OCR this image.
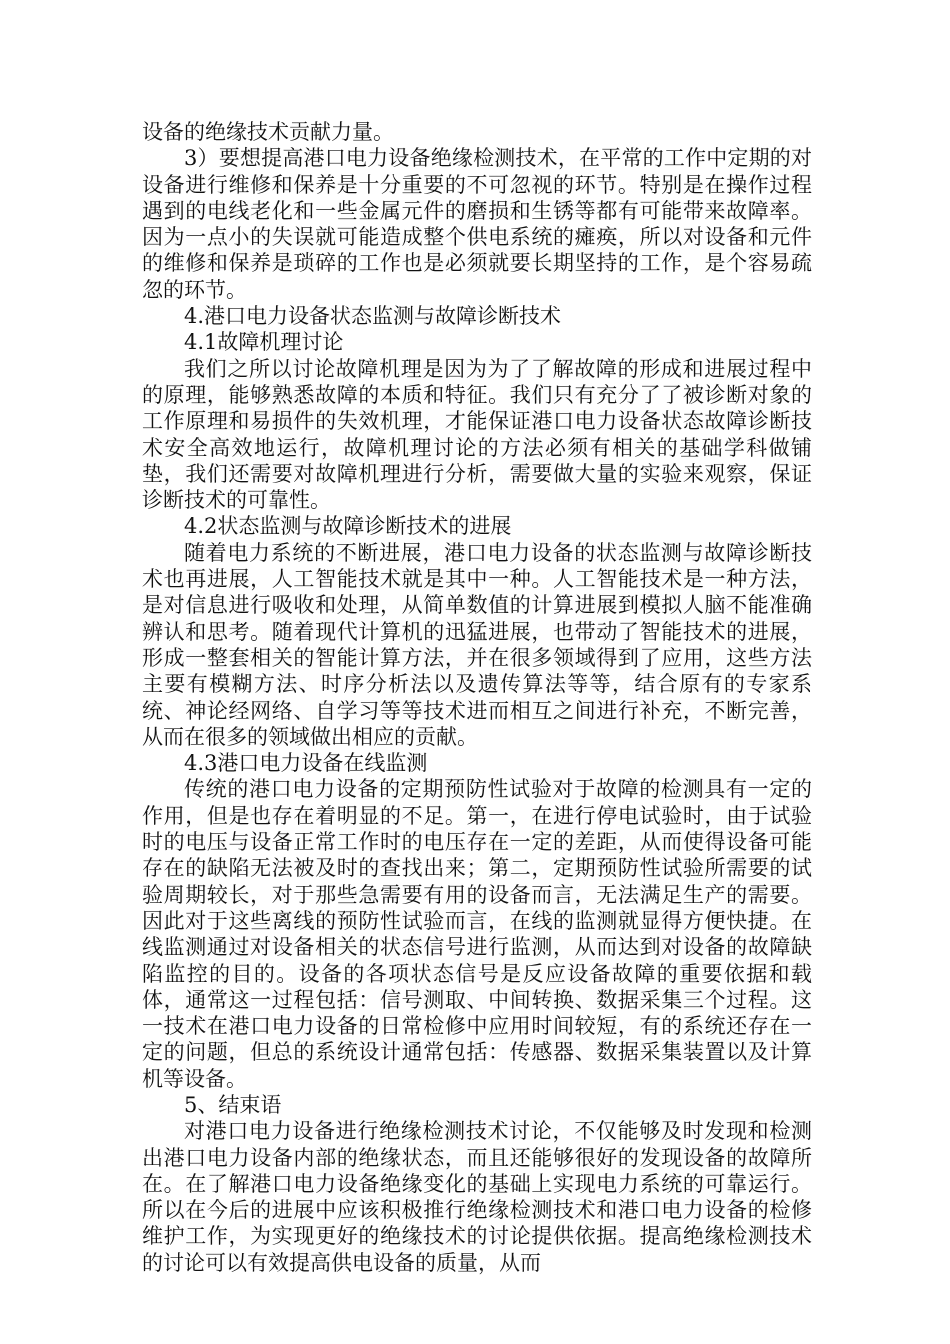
设备的绝缘技术贡献力量。

3）要想提高港口电力设备绝缘检测技术，在平常的工作中定期的对设备进行维修和保养是十分重要的不可忽视的环节。特别是在操作过程遇到的电线老化和一些金属元件的磨损和生锈等都有可能带来故障率。因为一点小的失误就可能造成整个供电系统的瘫痪，所以对设备和元件的维修和保养是琐碎的工作也是必须就要长期坚持的工作，是个容易疏忽的环节。

4.港口电力设备状态监测与故障诊断技术

4.1故障机理讨论

我们之所以讨论故障机理是因为为了了解故障的形成和进展过程中的原理，能够熟悉故障的本质和特征。我们只有充分了了被诊断对象的工作原理和易损件的失效机理，才能保证港口电力设备状态故障诊断技术安全高效地运行，故障机理讨论的方法必须有相关的基础学科做铺垫，我们还需要对故障机理进行分析，需要做大量的实验来观察，保证诊断技术的可靠性。

4.2状态监测与故障诊断技术的进展

随着电力系统的不断进展，港口电力设备的状态监测与故障诊断技术也再进展，人工智能技术就是其中一种。人工智能技术是一种方法，是对信息进行吸收和处理，从简单数值的计算进展到模拟人脑不能准确辨认和思考。随着现代计算机的迅猛进展，也带动了智能技术的进展，形成一整套相关的智能计算方法，并在很多领域得到了应用，这些方法主要有模糊方法、时序分析法以及遗传算法等等，结合原有的专家系统、神论经网络、自学习等等技术进而相互之间进行补充，不断完善，从而在很多的领域做出相应的贡献。

4.3港口电力设备在线监测

传统的港口电力设备的定期预防性试验对于故障的检测具有一定的作用，但是也存在着明显的不足。第一，在进行停电试验时，由于试验时的电压与设备正常工作时的电压存在一定的差距，从而使得设备可能存在的缺陷无法被及时的查找出来；第二，定期预防性试验所需要的试验周期较长，对于那些急需要有用的设备而言，无法满足生产的需要。因此对于这些离线的预防性试验而言，在线的监测就显得方便快捷。在线监测通过对设备相关的状态信号进行监测，从而达到对设备的故障缺陷监控的目的。设备的各项状态信号是反应设备故障的重要依据和载体，通常这一过程包括：信号测取、中间转换、数据采集三个过程。这一技术在港口电力设备的日常检修中应用时间较短，有的系统还存在一定的问题，但总的系统设计通常包括：传感器、数据采集装置以及计算机等设备。

5、结束语

对港口电力设备进行绝缘检测技术讨论，不仅能够及时发现和检测出港口电力设备内部的绝缘状态，而且还能够很好的发现设备的故障所在。在了解港口电力设备绝缘变化的基础上实现电力系统的可靠运行。所以在今后的进展中应该积极推行绝缘检测技术和港口电力设备的检修维护工作，为实现更好的绝缘技术的讨论提供依据。提高绝缘检测技术的讨论可以有效提高供电设备的质量，从而
